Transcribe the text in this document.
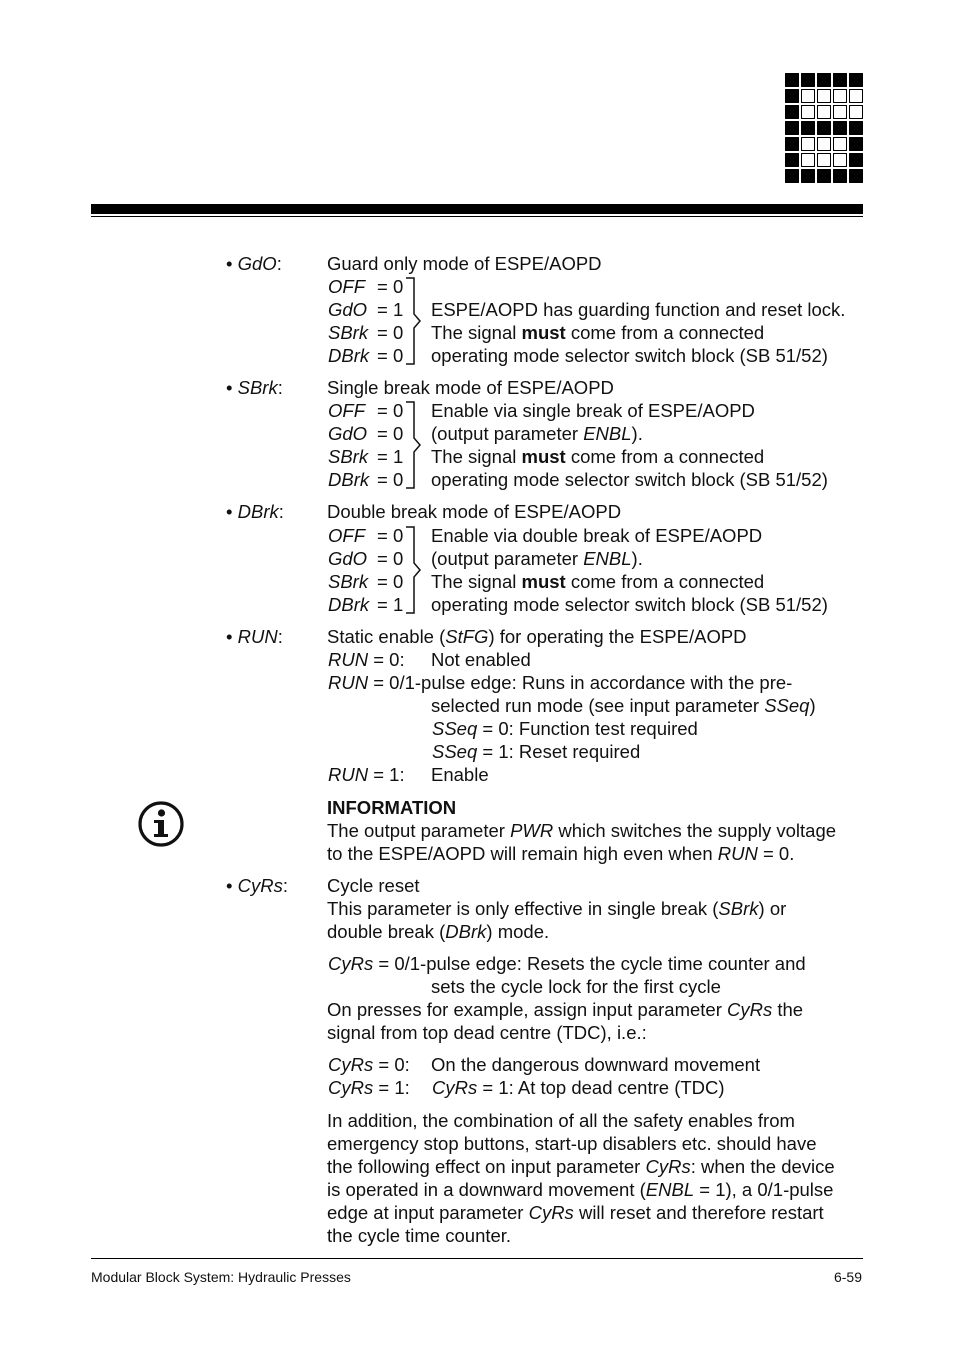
• GdO: Guard only mode of ESPE/AOPD
OFF = 0
GdO = 1
SBrk = 0
DBrk = 0
ESPE/AOPD has guarding function and reset lock.
The signal must come from a connected
operating mode selector switch block (SB 51/52)
• SBrk: Single break mode of ESPE/AOPD
OFF = 0
GdO = 0
SBrk = 1
DBrk = 0
Enable via single break of ESPE/AOPD
(output parameter ENBL).
The signal must come from a connected
operating mode selector switch block (SB 51/52)
• DBrk: Double break mode of ESPE/AOPD
OFF = 0
GdO = 0
SBrk = 0
DBrk = 1
Enable via double break of ESPE/AOPD
(output parameter ENBL).
The signal must come from a connected
operating mode selector switch block (SB 51/52)
• RUN: Static enable (StFG) for operating the ESPE/AOPD
RUN = 0: Not enabled
RUN = 0/1-pulse edge: Runs in accordance with the pre-
selected run mode (see input parameter SSeq)
SSeq = 0: Function test required
SSeq = 1: Reset required
RUN = 1: Enable
INFORMATION
The output parameter PWR which switches the supply voltage
to the ESPE/AOPD will remain high even when RUN = 0.
• CyRs: Cycle reset
This parameter is only effective in single break (SBrk) or
double break (DBrk) mode.
CyRs = 0/1-pulse edge: Resets the cycle time counter and
sets the cycle lock for the first cycle
On presses for example, assign input parameter CyRs the
signal from top dead centre (TDC), i.e.:
CyRs = 0: On the dangerous downward movement
CyRs = 1: CyRs = 1: At top dead centre (TDC)
In addition, the combination of all the safety enables from
emergency stop buttons, start-up disablers etc. should have
the following effect on input parameter CyRs: when the device
is operated in a downward movement (ENBL = 1), a 0/1-pulse
edge at input parameter CyRs will reset and therefore restart
the cycle time counter.
Modular Block System: Hydraulic Presses	6-59
